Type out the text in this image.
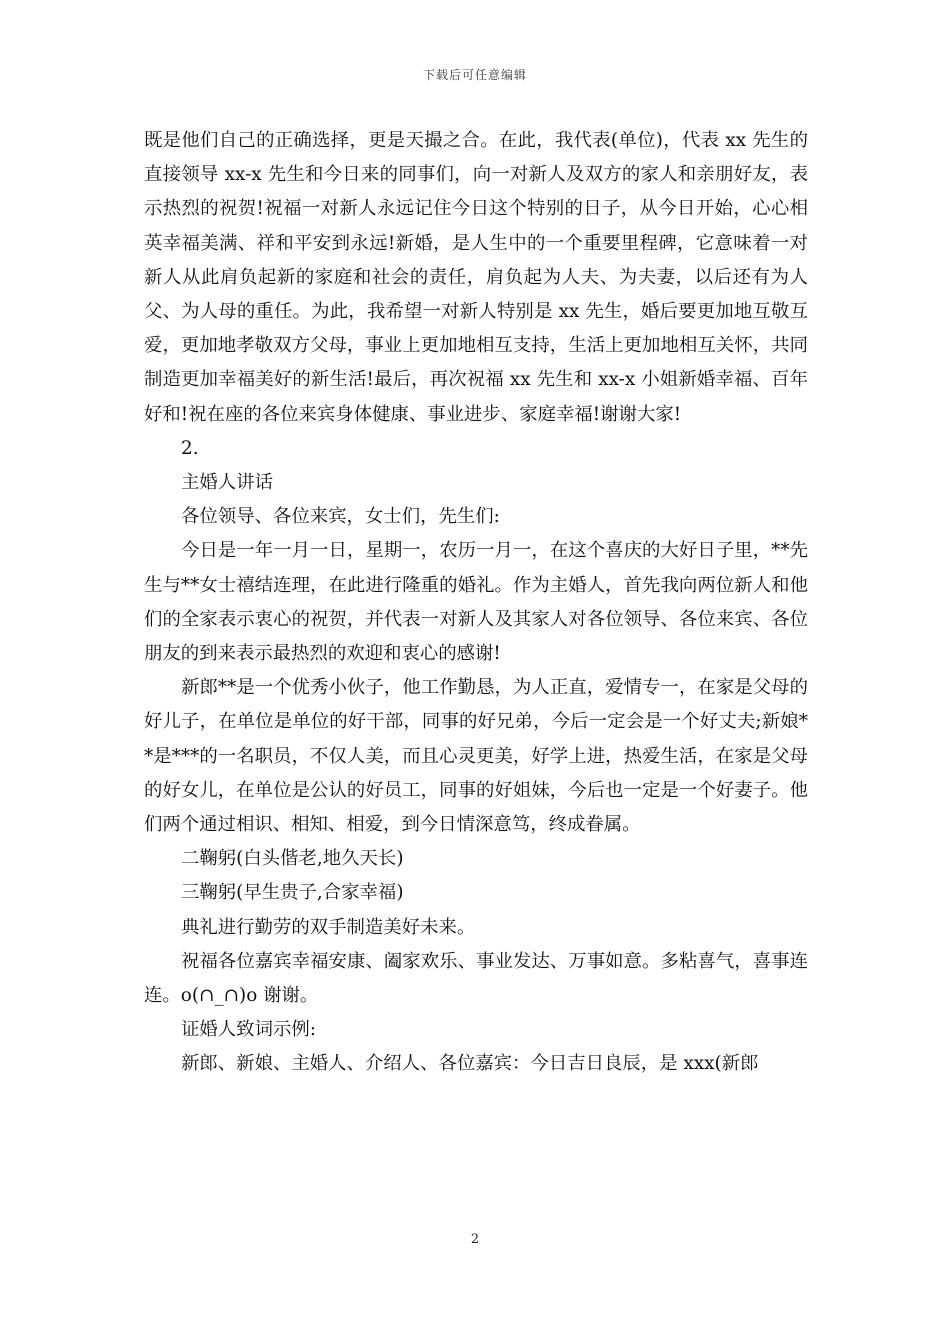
下载后可任意编辑

既是他们自己的正确选择，更是天撮之合。在此，我代表(单位)，代表 xx 先生的直接领导 xx-x 先生和今日来的同事们，向一对新人及双方的家人和亲朋好友，表示热烈的祝贺!祝福一对新人永远记住今日这个特别的日子，从今日开始，心心相英幸福美满、祥和平安到永远!新婚，是人生中的一个重要里程碑，它意味着一对新人从此肩负起新的家庭和社会的责任，肩负起为人夫、为夫妻，以后还有为人父、为人母的重任。为此，我希望一对新人特别是 xx 先生，婚后要更加地互敬互爱，更加地孝敬双方父母，事业上更加地相互支持，生活上更加地相互关怀，共同制造更加幸福美好的新生活!最后，再次祝福 xx 先生和 xx-x 小姐新婚幸福、百年好和!祝在座的各位来宾身体健康、事业进步、家庭幸福!谢谢大家!

2.

主婚人讲话

各位领导、各位来宾，女士们，先生们:

今日是一年一月一日，星期一，农历一月一，在这个喜庆的大好日子里，**先生与**女士禧结连理，在此进行隆重的婚礼。作为主婚人，首先我向两位新人和他们的全家表示衷心的祝贺，并代表一对新人及其家人对各位领导、各位来宾、各位朋友的到来表示最热烈的欢迎和衷心的感谢!

新郎**是一个优秀小伙子，他工作勤恳，为人正直，爱情专一，在家是父母的好儿子，在单位是单位的好干部，同事的好兄弟，今后一定会是一个好丈夫;新娘**是***的一名职员，不仅人美，而且心灵更美，好学上进，热爱生活，在家是父母的好女儿，在单位是公认的好员工，同事的好姐妹，今后也一定是一个好妻子。他们两个通过相识、相知、相爱，到今日情深意笃，终成眷属。

二鞠躬(白头偕老,地久天长)

三鞠躬(早生贵子,合家幸福)

典礼进行勤劳的双手制造美好未来。

祝福各位嘉宾幸福安康、阖家欢乐、事业发达、万事如意。多粘喜气，喜事连连。o(∩_∩)o 谢谢。

证婚人致词示例:

新郎、新娘、主婚人、介绍人、各位嘉宾：今日吉日良辰，是 xxx(新郎

2
